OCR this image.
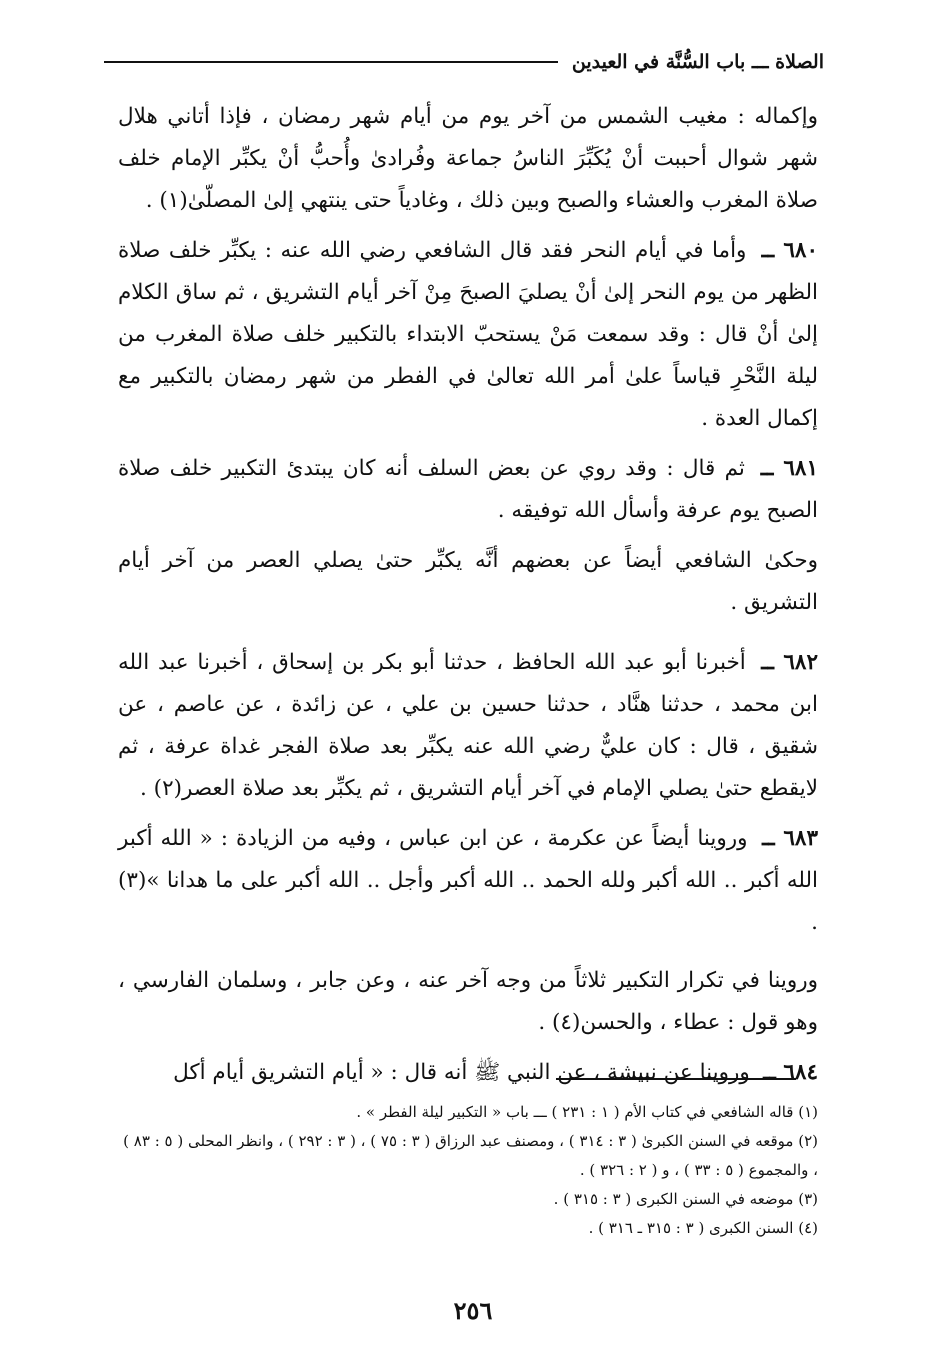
الصلاة ـــ باب السُّنَّة في العيدين

وإكماله : مغيب الشمس من آخر يوم من أيام شهر رمضان ، فإذا أتاني هلال شهر شوال أحببت أنْ يُكَبِّرَ الناسُ جماعة وفُرادىٰ وأُحبُّ أنْ يكبِّر الإمام خلف صلاة المغرب والعشاء والصبح وبين ذلك ، وغادياً حتى ينتهي إلىٰ المصلّىٰ(١) .

٦٨٠ ــ وأما في أيام النحر فقد قال الشافعي رضي الله عنه : يكبِّر خلف صلاة الظهر من يوم النحر إلىٰ أنْ يصليَ الصبحَ مِنْ آخر أيام التشريق ، ثم ساق الكلام إلىٰ أنْ قال : وقد سمعت مَنْ يستحبّ الابتداء بالتكبير خلف صلاة المغرب من ليلة النَّحْرِ قياساً علىٰ أمر الله تعالىٰ في الفطر من شهر رمضان بالتكبير مع إكمال العدة .

٦٨١ ــ ثم قال : وقد روي عن بعض السلف أنه كان يبتدئ التكبير خلف صلاة الصبح يوم عرفة وأسأل الله توفيقه .

وحكىٰ الشافعي أيضاً عن بعضهم أنَّه يكبِّر حتىٰ يصلي العصر من آخر أيام التشريق .

٦٨٢ ــ أخبرنا أبو عبد الله الحافظ ، حدثنا أبو بكر بن إسحاق ، أخبرنا عبد الله ابن محمد ، حدثنا هنَّاد ، حدثنا حسين بن علي ، عن زائدة ، عن عاصم ، عن شقيق ، قال : كان عليٌّ رضي الله عنه يكبِّر بعد صلاة الفجر غداة عرفة ، ثم لايقطع حتىٰ يصلي الإمام في آخر أيام التشريق ، ثم يكبِّر بعد صلاة العصر(٢) .

٦٨٣ ــ وروينا أيضاً عن عكرمة ، عن ابن عباس ، وفيه من الزيادة : « الله أكبر الله أكبر .. الله أكبر ولله الحمد .. الله أكبر وأجل .. الله أكبر على ما هدانا »(٣) .

وروينا في تكرار التكبير ثلاثاً من وجه آخر عنه ، وعن جابر ، وسلمان الفارسي ، وهو قول : عطاء ، والحسن(٤) .

٦٨٤ ــ وروينا عن نبيشة ، عن النبي ﷺ أنه قال : « أيام التشريق أيام أكل

(١) قاله الشافعي في كتاب الأم ( ١ : ٢٣١ ) ـــ باب « التكبير ليلة الفطر » .

(٢) موقعه في السنن الكبرىٰ ( ٣ : ٣١٤ ) ، ومصنف عبد الرزاق ( ٣ : ٧٥ ) ، ( ٣ : ٢٩٢ ) ، وانظر المحلى ( ٥ : ٨٣ ) ، والمجموع ( ٥ : ٣٣ ) ، و ( ٢ : ٣٢٦ ) .

(٣) موضعه في السنن الكبرى ( ٣ : ٣١٥ ) .

(٤) السنن الكبرى ( ٣ : ٣١٥ ـ ٣١٦ ) .

٢٥٦
